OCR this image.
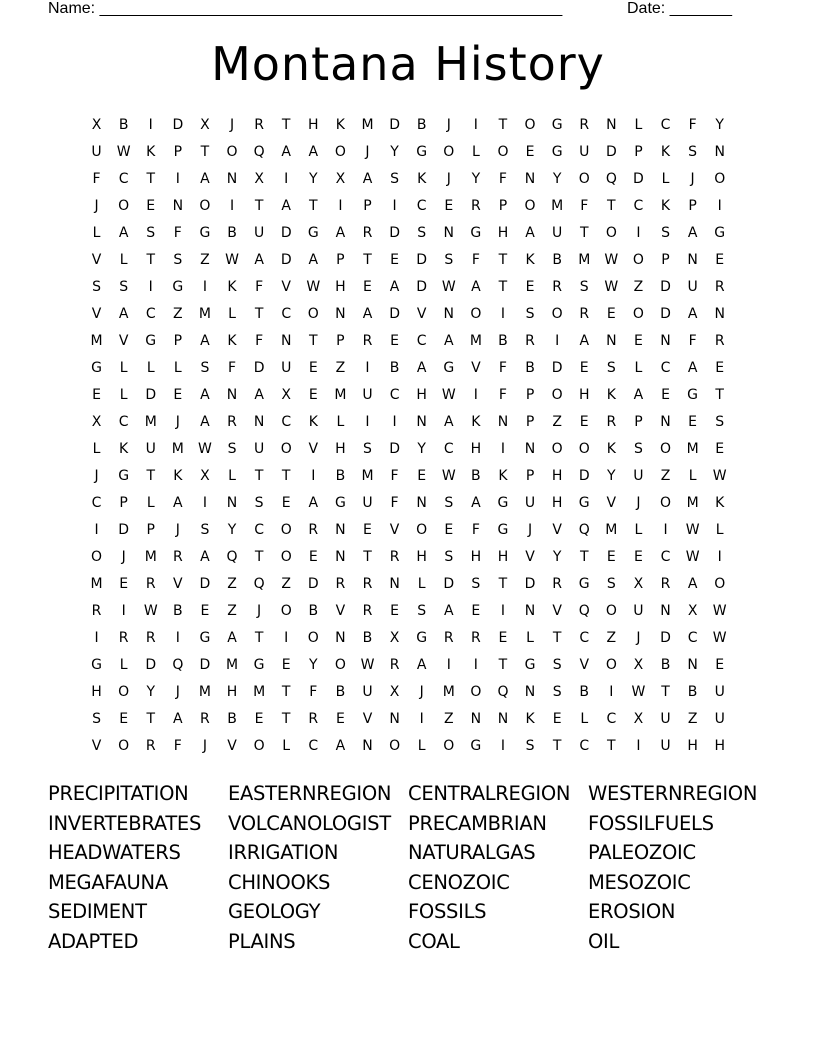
Name: ____________________________________________________

	Date: _______

Montana History
X	B	I	D	X	J	R	T	H	K	M	D	B	J	I	T	O	G	R	N	L	C	F	Y
U	W	K	P	T	O	Q	A	A	O	J	Y	G	O	L	O	E	G	U	D	P	K	S	N
F	C	T	I	A	N	X	I	Y	X	A	S	K	J	Y	F	N	Y	O	Q	D	L	J	O
J	O	E	N	O	I	T	A	T	I	P	I	C	E	R	P	O	M	F	T	C	K	P	I
L	A	S	F	G	B	U	D	G	A	R	D	S	N	G	H	A	U	T	O	I	S	A	G
V	L	T	S	Z	W	A	D	A	P	T	E	D	S	F	T	K	B	M	W	O	P	N	E
S	S	I	G	I	K	F	V	W	H	E	A	D	W	A	T	E	R	S	W	Z	D	U	R
V	A	C	Z	M	L	T	C	O	N	A	D	V	N	O	I	S	O	R	E	O	D	A	N
M	V	G	P	A	K	F	N	T	P	R	E	C	A	M	B	R	I	A	N	E	N	F	R
G	L	L	L	S	F	D	U	E	Z	I	B	A	G	V	F	B	D	E	S	L	C	A	E
E	L	D	E	A	N	A	X	E	M	U	C	H	W	I	F	P	O	H	K	A	E	G	T
X	C	M	J	A	R	N	C	K	L	I	I	N	A	K	N	P	Z	E	R	P	N	E	S
L	K	U	M	W	S	U	O	V	H	S	D	Y	C	H	I	N	O	O	K	S	O	M	E
J	G	T	K	X	L	T	T	I	B	M	F	E	W	B	K	P	H	D	Y	U	Z	L	W
C	P	L	A	I	N	S	E	A	G	U	F	N	S	A	G	U	H	G	V	J	O	M	K
I	D	P	J	S	Y	C	O	R	N	E	V	O	E	F	G	J	V	Q	M	L	I	W	L
O	J	M	R	A	Q	T	O	E	N	T	R	H	S	H	H	V	Y	T	E	E	C	W	I
M	E	R	V	D	Z	Q	Z	D	R	R	N	L	D	S	T	D	R	G	S	X	R	A	O
R	I	W	B	E	Z	J	O	B	V	R	E	S	A	E	I	N	V	Q	O	U	N	X	W
I	R	R	I	G	A	T	I	O	N	B	X	G	R	R	E	L	T	C	Z	J	D	C	W
G	L	D	Q	D	M	G	E	Y	O	W	R	A	I	I	T	G	S	V	O	X	B	N	E
H	O	Y	J	M	H	M	T	F	B	U	X	J	M	O	Q	N	S	B	I	W	T	B	U
S	E	T	A	R	B	E	T	R	E	V	N	I	Z	N	N	K	E	L	C	X	U	Z	U
V	O	R	F	J	V	O	L	C	A	N	O	L	O	G	I	S	T	C	T	I	U	H	H
PRECIPITATION	EASTERNREGION CENTRALREGION WESTERNREGION
INVERTEBRATES	VOLCANOLOGIST PRECAMBRIAN	FOSSILFUELS
HEADWATERS	IRRIGATION	NATURALGAS	PALEOZOIC
MEGAFAUNA	CHINOOKS	CENOZOIC	MESOZOIC
SEDIMENT	GEOLOGY	FOSSILS	EROSION
ADAPTED	PLAINS	COAL	OIL
